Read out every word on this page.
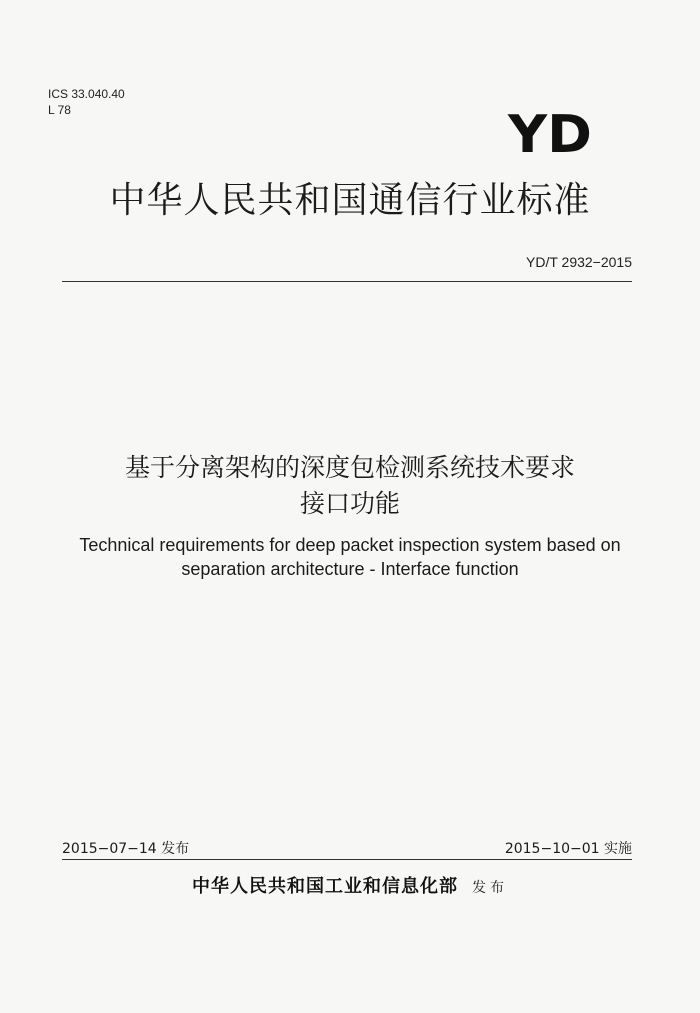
ICS 33.040.40
L 78	YD
中华人民共和国通信行业标准
YD/T 2932−2015
基于分离架构的深度包检测系统技术要求
接口功能
Technical requirements for deep packet inspection system based on
separation architecture - Interface function
2015−07−14 发布	2015−10−01 实施
中华人民共和国工业和信息化部 发布
